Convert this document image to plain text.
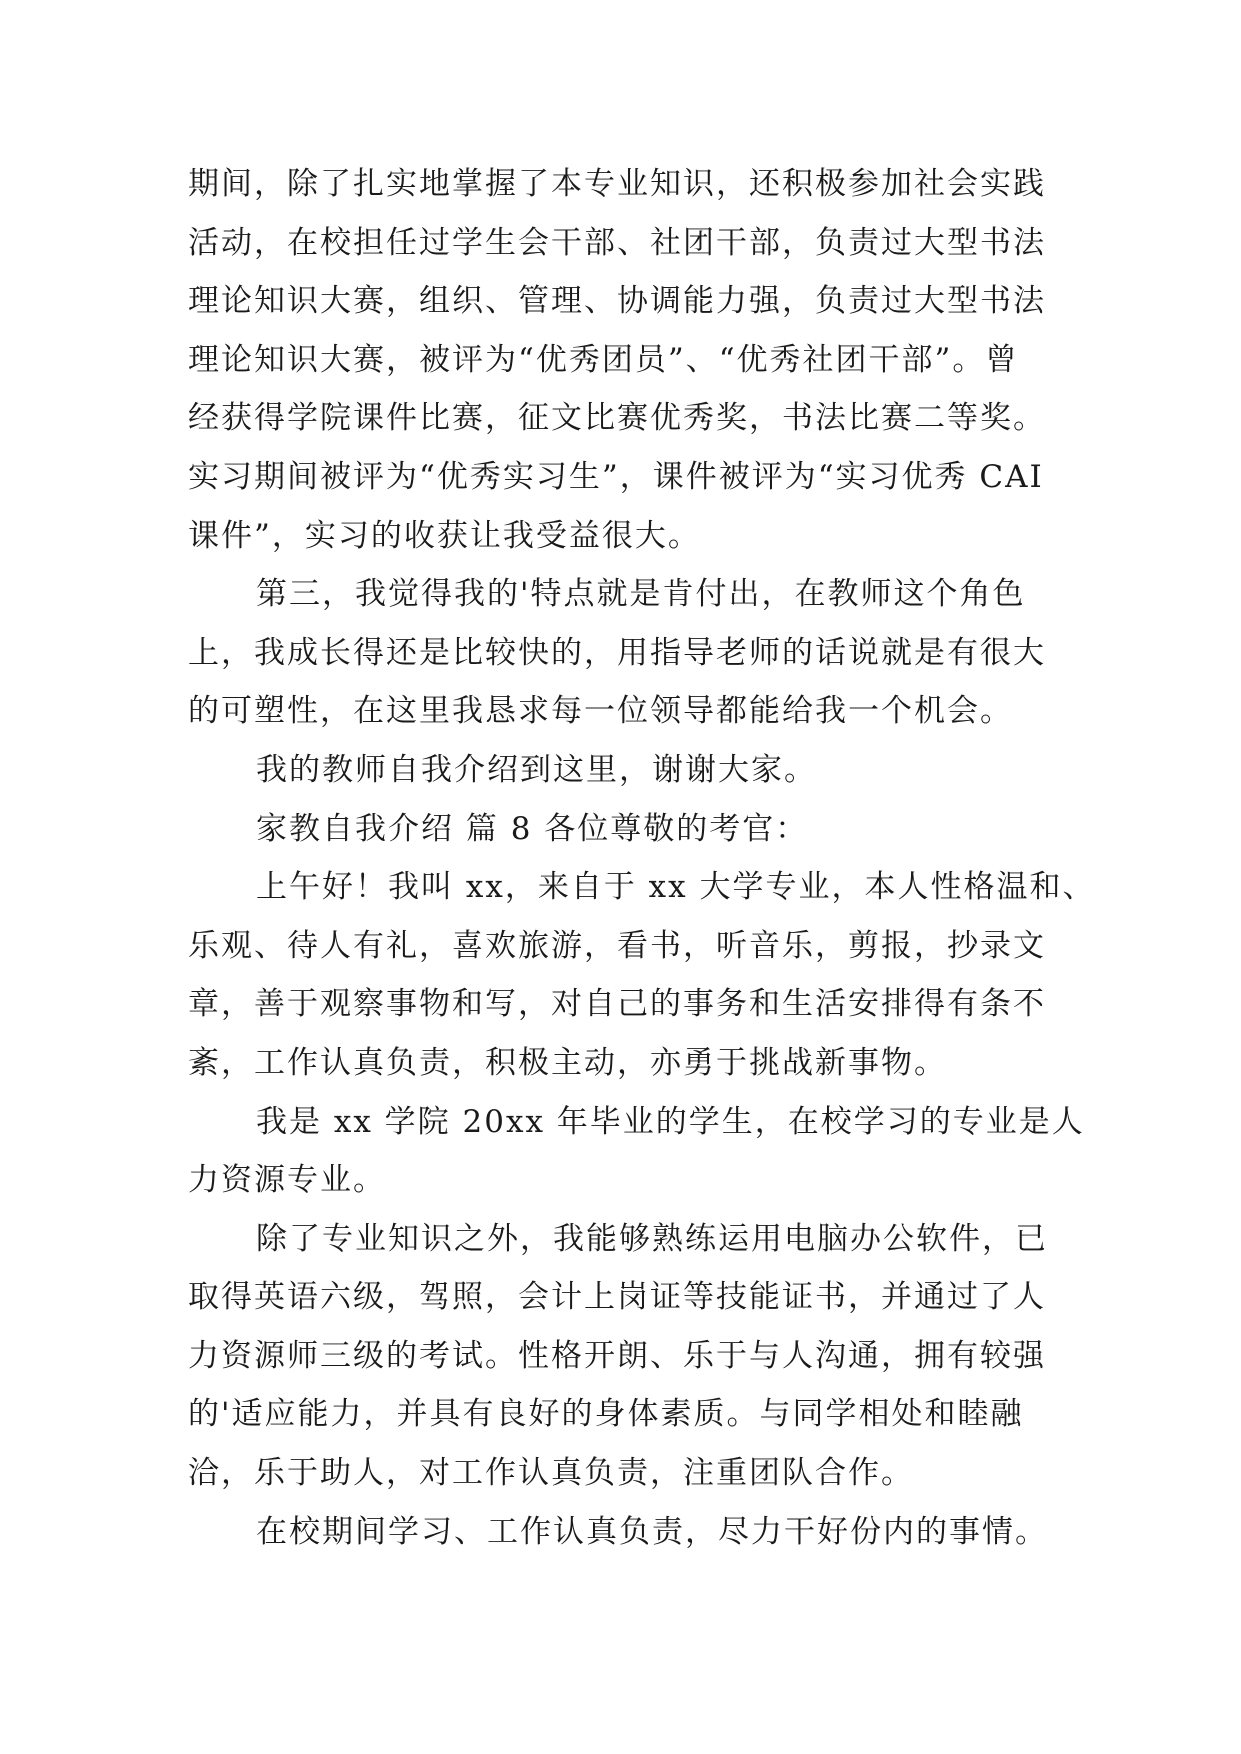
期间，除了扎实地掌握了本专业知识，还积极参加社会实践
活动，在校担任过学生会干部、社团干部，负责过大型书法
理论知识大赛，组织、管理、协调能力强，负责过大型书法
理论知识大赛，被评为“优秀团员”、“优秀社团干部”。曾
经获得学院课件比赛，征文比赛优秀奖，书法比赛二等奖。
实习期间被评为“优秀实习生”，课件被评为“实习优秀 CAI
课件”，实习的收获让我受益很大。
第三，我觉得我的'特点就是肯付出，在教师这个角色
上，我成长得还是比较快的，用指导老师的话说就是有很大
的可塑性，在这里我恳求每一位领导都能给我一个机会。
我的教师自我介绍到这里，谢谢大家。
家教自我介绍 篇 8 各位尊敬的考官：
上午好！我叫 xx，来自于 xx 大学专业，本人性格温和、
乐观、待人有礼，喜欢旅游，看书，听音乐，剪报，抄录文
章，善于观察事物和写，对自己的事务和生活安排得有条不
紊，工作认真负责，积极主动，亦勇于挑战新事物。
我是 xx 学院 20xx 年毕业的学生，在校学习的专业是人
力资源专业。
除了专业知识之外，我能够熟练运用电脑办公软件，已
取得英语六级，驾照，会计上岗证等技能证书，并通过了人
力资源师三级的考试。性格开朗、乐于与人沟通，拥有较强
的'适应能力，并具有良好的身体素质。与同学相处和睦融
洽，乐于助人，对工作认真负责，注重团队合作。
在校期间学习、工作认真负责，尽力干好份内的事情。
